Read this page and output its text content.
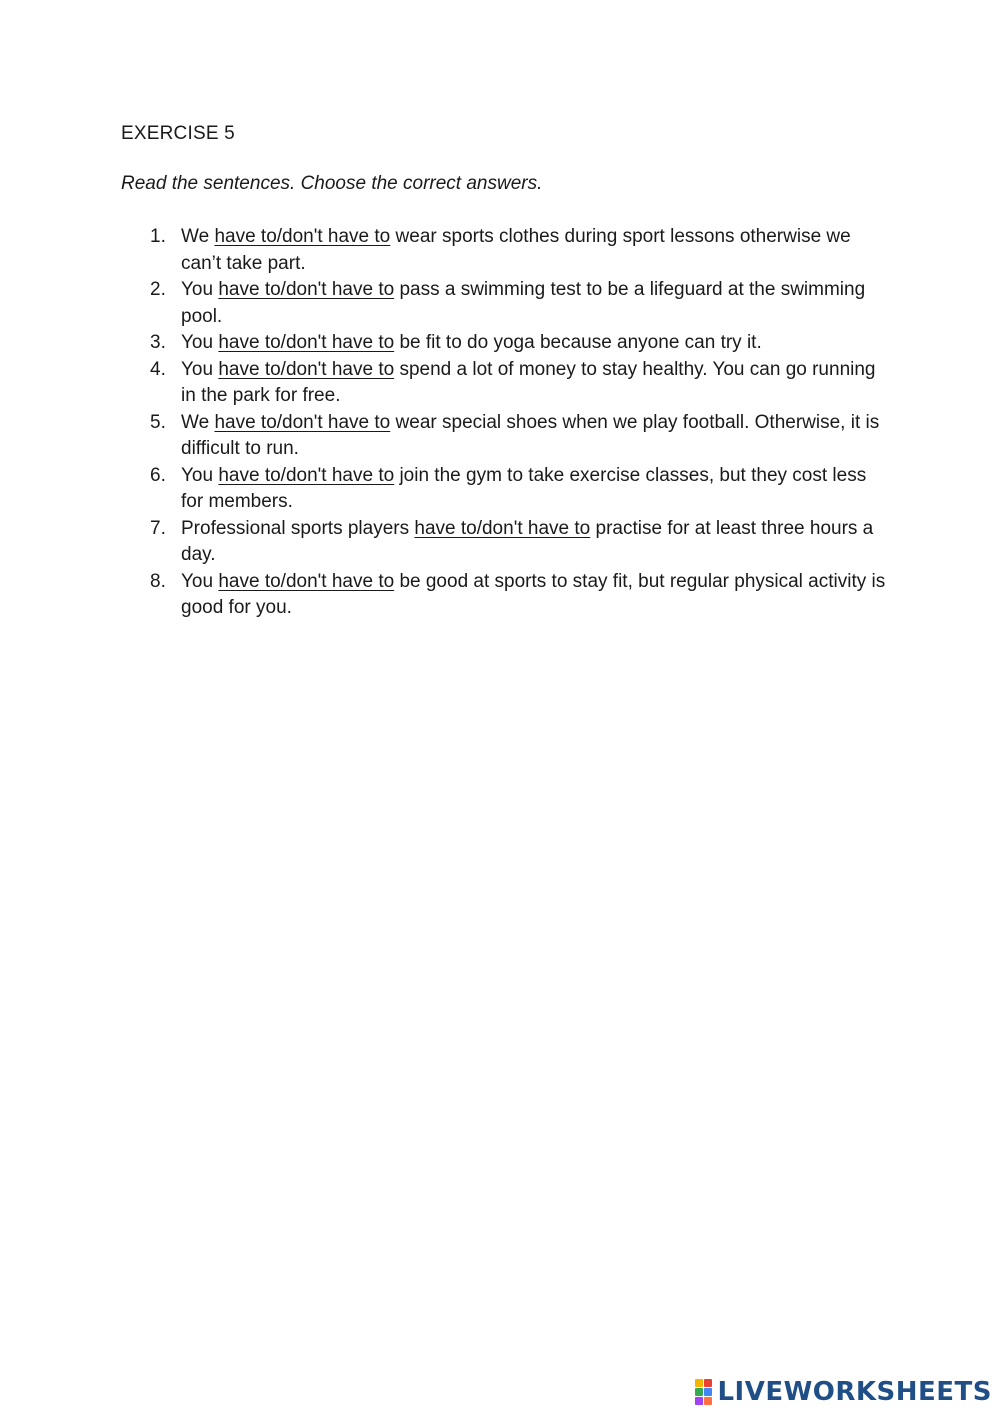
EXERCISE 5
Read the sentences. Choose the correct answers.
1. We have to/don't have to wear sports clothes during sport lessons otherwise we can’t take part.
2. You have to/don't have to pass a swimming test to be a lifeguard at the swimming pool.
3. You have to/don't have to be fit to do yoga because anyone can try it.
4. You have to/don't have to spend a lot of money to stay healthy. You can go running in the park for free.
5. We have to/don't have to wear special shoes when we play football. Otherwise, it is difficult to run.
6. You have to/don't have to join the gym to take exercise classes, but they cost less for members.
7. Professional sports players have to/don't have to practise for at least three hours a day.
8. You have to/don't have to be good at sports to stay fit, but regular physical activity is good for you.
LIVEWORKSHEETS
